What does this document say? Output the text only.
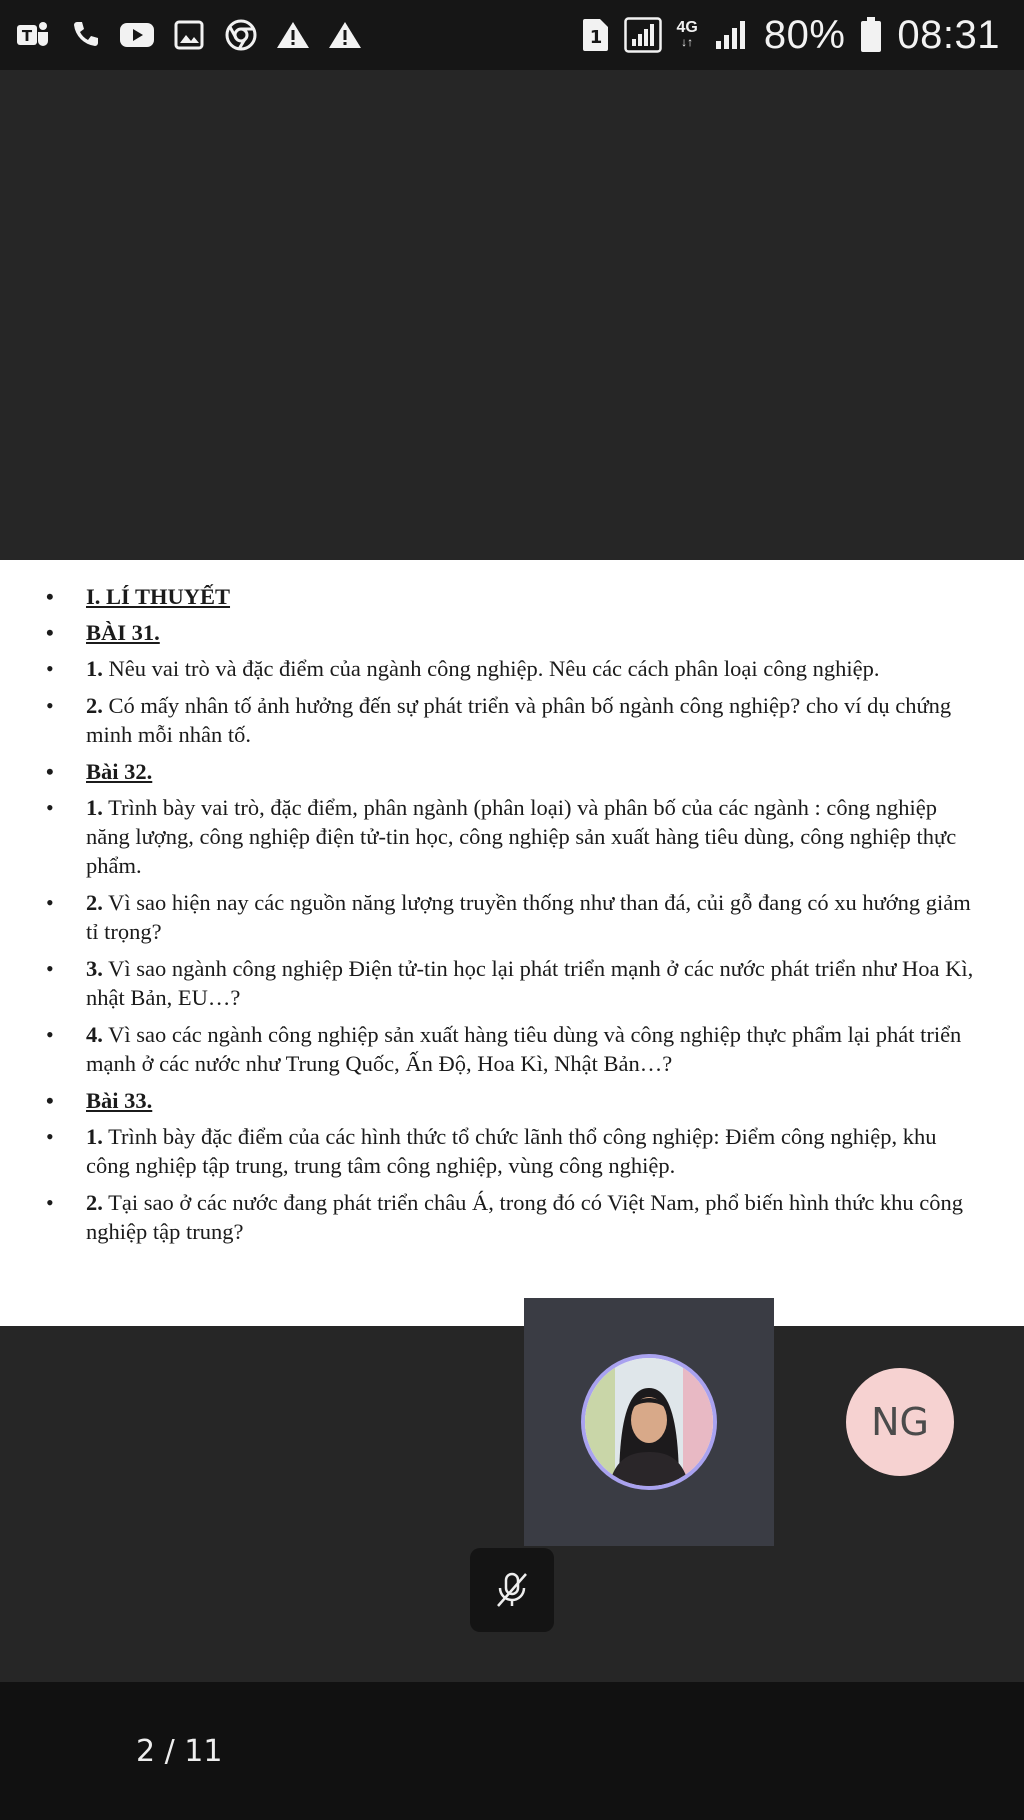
T	1	4G
↓↑ 80% 08:31
• I. LÍ THUYẾT
• BÀI 31.
• 1. Nêu vai trò và đặc điểm của ngành công nghiệp. Nêu các cách phân loại công nghiệp.
• 2. Có mấy nhân tố ảnh hưởng đến sự phát triển và phân bố ngành công nghiệp? cho ví dụ chứng minh mỗi nhân tố.
• Bài 32.
• 1. Trình bày vai trò, đặc điểm, phân ngành (phân loại) và phân bố của các ngành : công nghiệp năng lượng, công nghiệp điện tử-tin học, công nghiệp sản xuất hàng tiêu dùng, công nghiệp thực phẩm.
• 2. Vì sao hiện nay các nguồn năng lượng truyền thống như than đá, củi gỗ đang có xu hướng giảm tỉ trọng?
• 3. Vì sao ngành công nghiệp Điện tử-tin học lại phát triển mạnh ở các nước phát triển như Hoa Kì, nhật Bản, EU…?
• 4. Vì sao các ngành công nghiệp sản xuất hàng tiêu dùng và công nghiệp thực phẩm lại phát triển mạnh ở các nước như Trung Quốc, Ấn Độ, Hoa Kì, Nhật Bản…?
• Bài 33.
• 1. Trình bày đặc điểm của các hình thức tổ chức lãnh thổ công nghiệp: Điểm công nghiệp, khu công nghiệp tập trung, trung tâm công nghiệp, vùng công nghiệp.
• 2. Tại sao ở các nước đang phát triển châu Á, trong đó có Việt Nam, phổ biến hình thức khu công nghiệp tập trung?
NG
2 / 11
